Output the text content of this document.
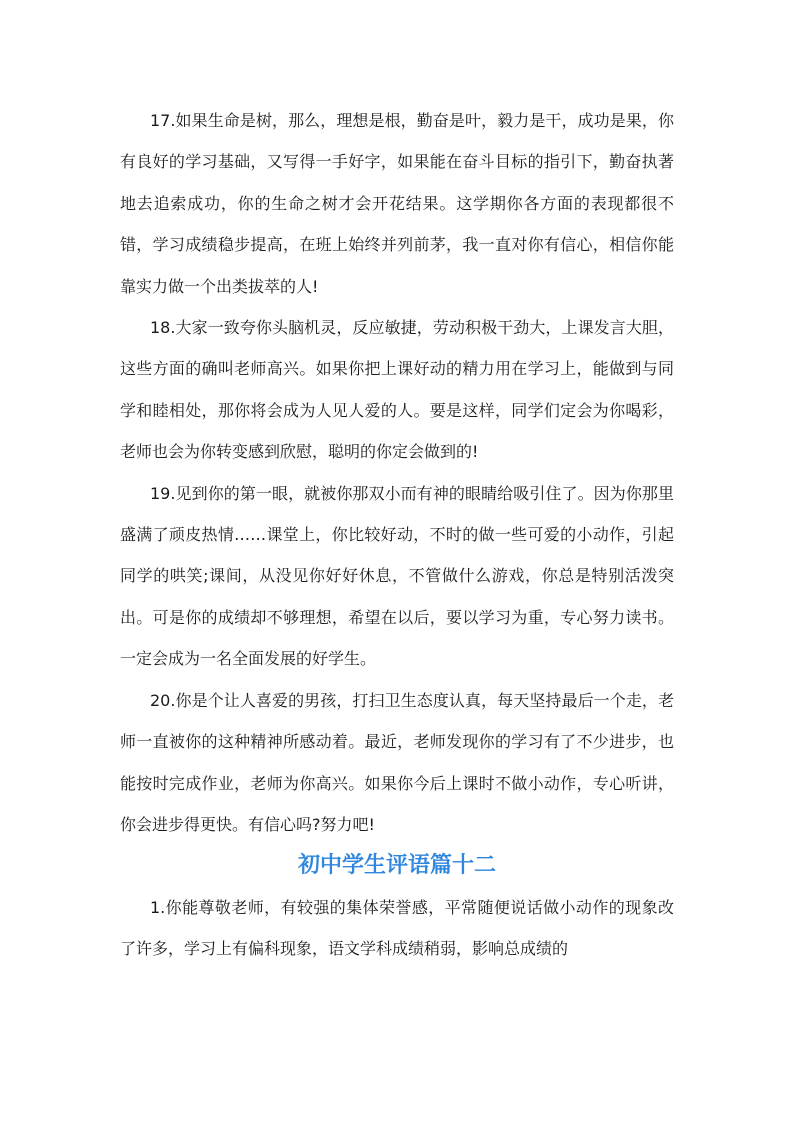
17.如果生命是树，那么，理想是根，勤奋是叶，毅力是干，成功是果，你有良好的学习基础，又写得一手好字，如果能在奋斗目标的指引下，勤奋执著地去追索成功，你的生命之树才会开花结果。这学期你各方面的表现都很不错，学习成绩稳步提高，在班上始终并列前茅，我一直对你有信心，相信你能靠实力做一个出类拔萃的人!

18.大家一致夸你头脑机灵，反应敏捷，劳动积极干劲大，上课发言大胆，这些方面的确叫老师高兴。如果你把上课好动的精力用在学习上，能做到与同学和睦相处，那你将会成为人见人爱的人。要是这样，同学们定会为你喝彩，老师也会为你转变感到欣慰，聪明的你定会做到的!

19.见到你的第一眼，就被你那双小而有神的眼睛给吸引住了。因为你那里盛满了顽皮热情……课堂上，你比较好动，不时的做一些可爱的小动作，引起同学的哄笑;课间，从没见你好好休息，不管做什么游戏，你总是特别活泼突出。可是你的成绩却不够理想，希望在以后，要以学习为重，专心努力读书。一定会成为一名全面发展的好学生。

20.你是个让人喜爱的男孩，打扫卫生态度认真，每天坚持最后一个走，老师一直被你的这种精神所感动着。最近，老师发现你的学习有了不少进步，也能按时完成作业，老师为你高兴。如果你今后上课时不做小动作，专心听讲，你会进步得更快。有信心吗?努力吧!

初中学生评语篇十二

1.你能尊敬老师，有较强的集体荣誉感，平常随便说话做小动作的现象改了许多，学习上有偏科现象，语文学科成绩稍弱，影响总成绩的
